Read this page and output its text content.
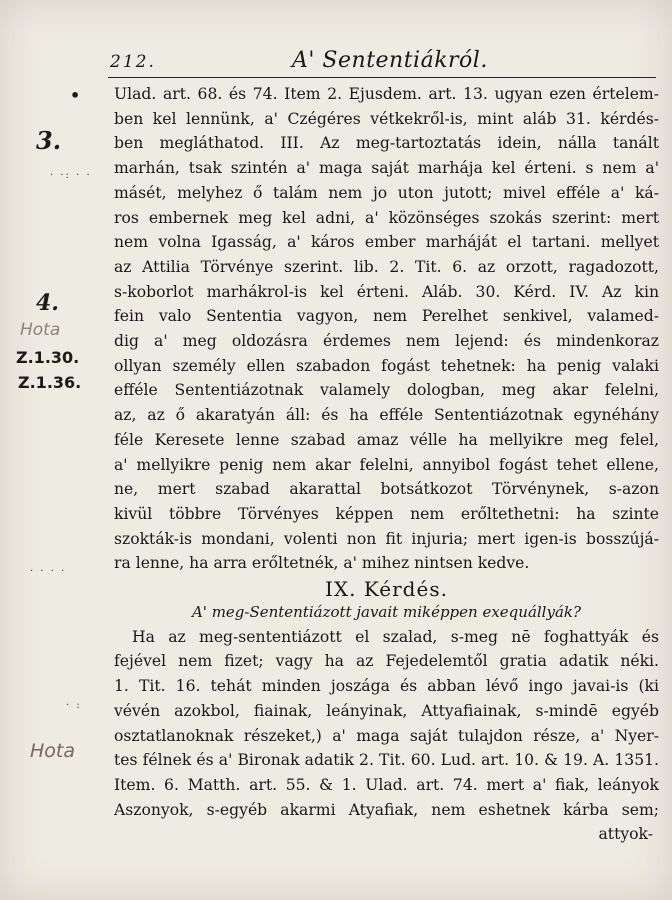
212.	A' Sententiákról.
•
3.
· ·: · ·
4.
Hota
Z.1.30.
Z.1.36.
· · · ·
· :
Hota
Ulad. art. 68. és 74. Item 2. Ejusdem. art. 13. ugyan ezen értelem-
ben kel lennünk, a' Czégéres vétkekről-is, mint aláb 31. kérdés-
ben megláthatod. III. Az meg-tartoztatás idein, nálla tanált
marhán, tsak szintén a' maga saját marhája kel érteni. s nem a'
másét, melyhez ő talám nem jo uton jutott; mivel efféle a' ká-
ros embernek meg kel adni, a' közönséges szokás szerint: mert
nem volna Igasság, a' káros ember marháját el tartani. mellyet
az Attilia Törvénye szerint. lib. 2. Tit. 6. az orzott, ragadozott,
s-koborlot marhákrol-is kel érteni. Aláb. 30. Kérd. IV. Az kin
fein valo Sententia vagyon, nem Perelhet senkivel, valamed-
dig a' meg oldozásra érdemes nem lejend: és mindenkoraz
ollyan személy ellen szabadon fogást tehetnek: ha penig valaki
efféle Sententiázotnak valamely dologban, meg akar felelni,
az, az ő akaratyán áll: és ha efféle Sententiázotnak egynéhány
féle Keresete lenne szabad amaz vélle ha mellyikre meg felel,
a' mellyikre penig nem akar felelni, annyibol fogást tehet ellene,
ne, mert szabad akarattal botsátkozot Törvénynek, s-azon
kivül többre Törvényes képpen nem erőltethetni: ha szinte
szokták-is mondani, volenti non fit injuria; mert igen-is bosszújá-
ra lenne, ha arra erőltetnék, a' mihez nintsen kedve.
IX. Kérdés.
A' meg-Sententiázott javait miképpen exequállyák?
Ha az meg-sententiázott el szalad, s-meg nē foghattyák és
fejével nem fizet; vagy ha az Fejedelemtől gratia adatik néki.
1. Tit. 16. tehát minden joszága és abban lévő ingo javai-is (ki
vévén azokbol, fiainak, leányinak, Attyafiainak, s-mindē egyéb
osztatlanoknak részeket,) a' maga saját tulajdon része, a' Nyer-
tes félnek és a' Bironak adatik 2. Tit. 60. Lud. art. 10. & 19. A. 1351.
Item. 6. Matth. art. 55. & 1. Ulad. art. 74. mert a' fiak, leányok
Aszonyok, s-egyéb akarmi Atyafiak, nem eshetnek kárba sem;
attyok-
